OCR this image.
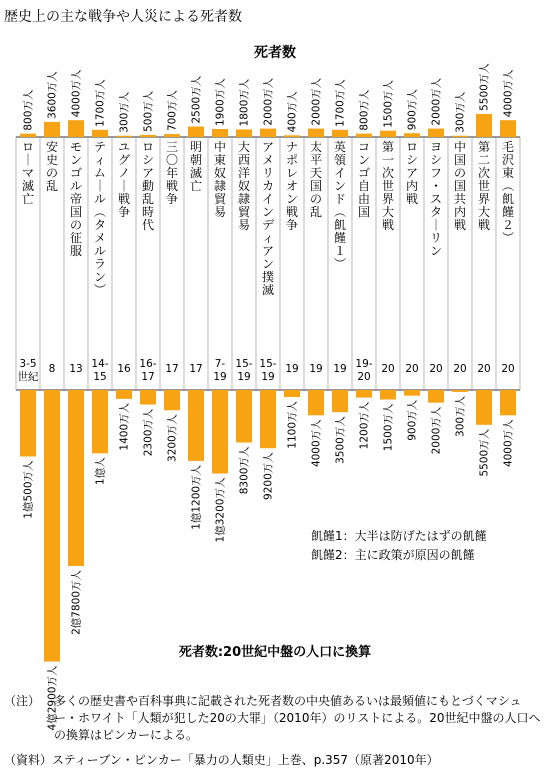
歴史上の主な戦争や人災による死者数
死者数
800万人
ロ｜マ滅亡
3-5 世紀
1億500万人
3600万人
安史の乱
8
4億2900万人
4000万人
モンゴル帝国の征服
13
2億7800万人
1700万人
ティム｜ル︵タメルラン︶
14-15
1億人
300万人
ユグノ｜戦争
16
1400万人
500万人
ロシア動乱時代
16-17
2300万人
700万人
三〇年戦争
17
3200万人
2500万人
明朝滅亡
17
1億1200万人
1900万人
中東奴隷貿易
7-19
1億3200万人
1800万人
大西洋奴隷貿易
15-19
8300万人
2000万人
アメリカインディアン撲滅
15-19
9200万人
400万人
ナポレオン戦争
19
1100万人
2000万人
太平天国の乱
19
4000万人
1700万人
英領インド︵飢饉１︶
19
3500万人
800万人
コンゴ自由国
19-20
1200万人
1500万人
第一次世界大戦
20
1500万人
900万人
ロシア内戦
20
900万人
2000万人
ヨシフ・スタ｜リン
20
2000万人
300万人
中国の国共内戦
20
300万人
5500万人
第二次世界大戦
20
5500万人
4000万人
毛沢東︵飢饉２︶
20
4000万人
飢饉1：大半は防げたはずの飢饉
飢饉2：主に政策が原因の飢饉
死者数:20世紀中盤の人口に換算
（注） 多くの歴史書や百科事典に記載された死者数の中央値あるいは最頻値にもとづくマシュー・ホワイト「人類が犯した20の大罪」（2010年）のリストによる。20世紀中盤の人口への換算はピンカーによる。
（資料）スティーブン・ピンカー「暴力の人類史」上巻、p.357（原著2010年）
